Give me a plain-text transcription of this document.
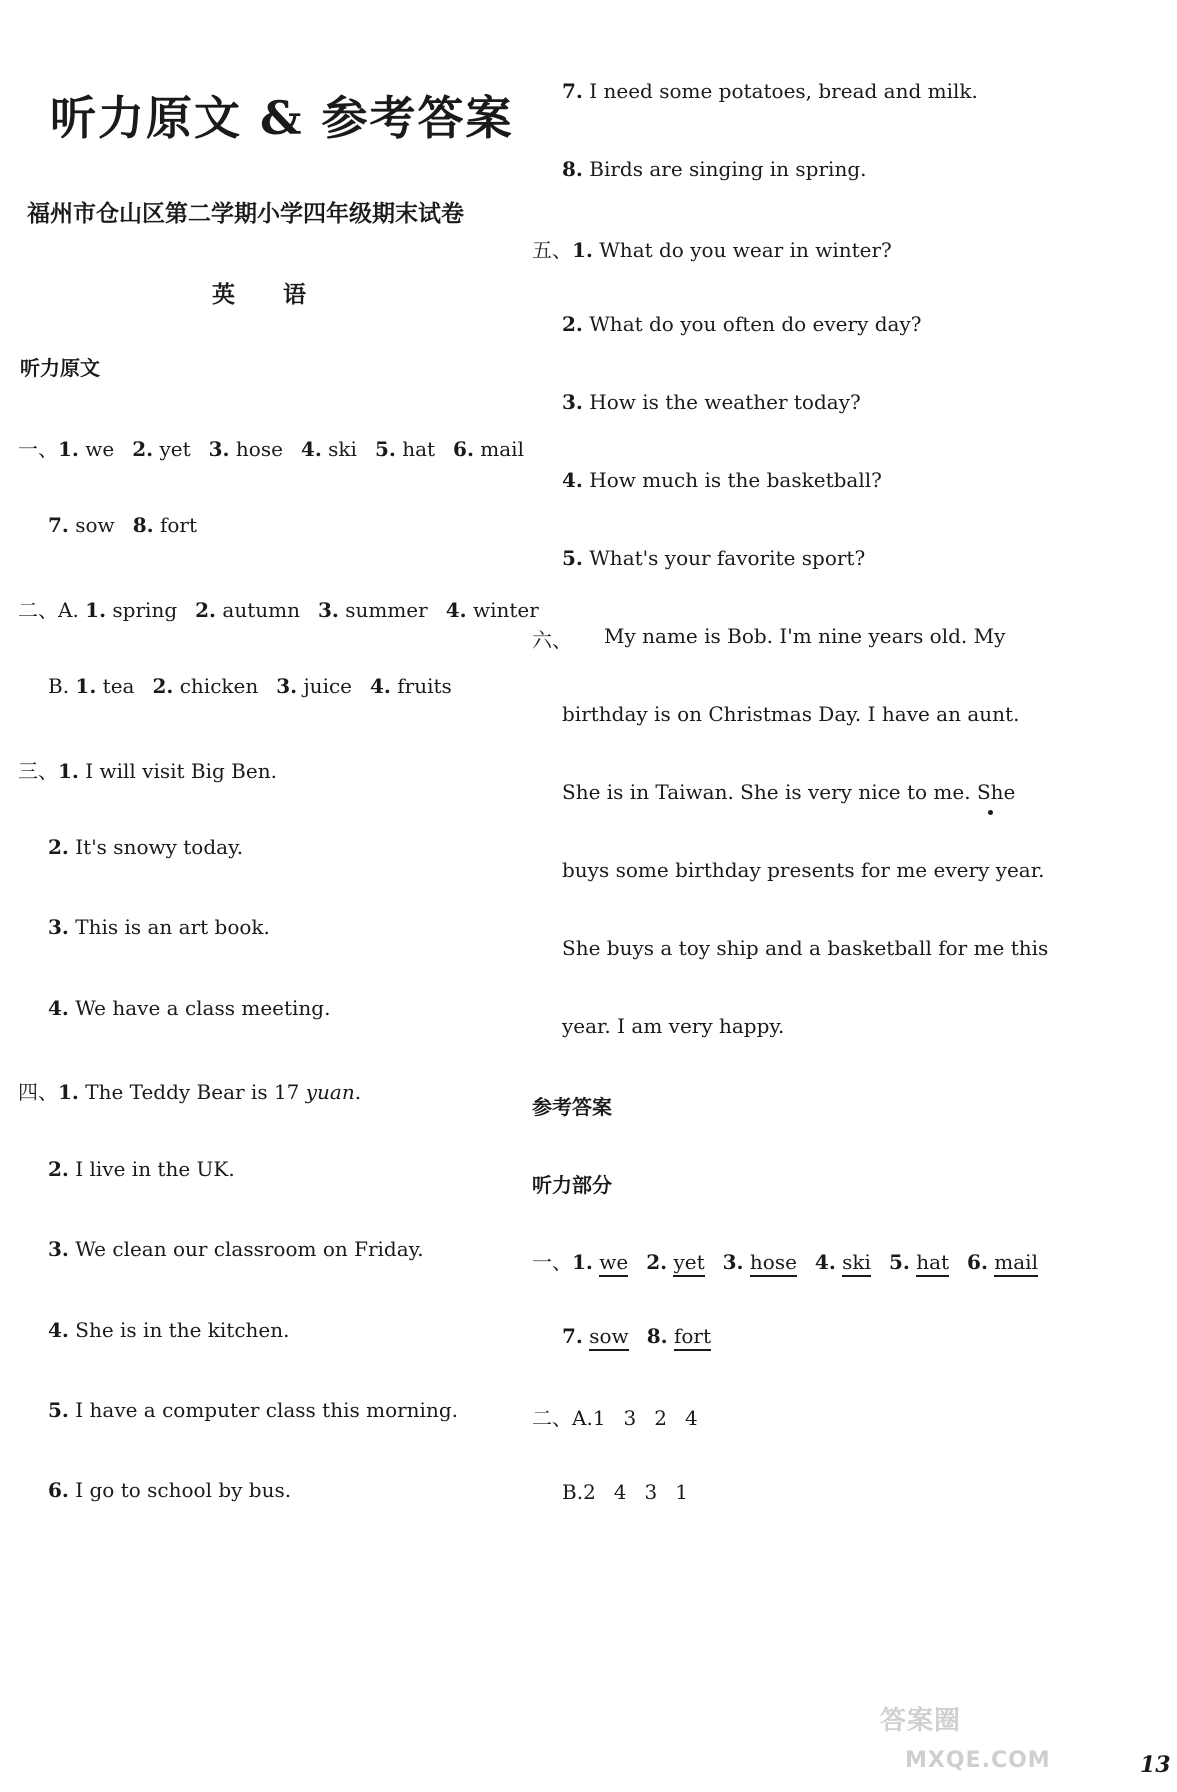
听力原文 & 参考答案
福州市仓山区第二学期小学四年级期末试卷
英 语
听力原文
一、1. we 2. yet 3. hose 4. ski 5. hat 6. mail
7. sow 8. fort
二、A. 1. spring 2. autumn 3. summer 4. winter
B. 1. tea 2. chicken 3. juice 4. fruits
三、1. I will visit Big Ben.
2. It's snowy today.
3. This is an art book.
4. We have a class meeting.
四、1. The Teddy Bear is 17 yuan.
2. I live in the UK.
3. We clean our classroom on Friday.
4. She is in the kitchen.
5. I have a computer class this morning.
6. I go to school by bus.
7. I need some potatoes, bread and milk.
8. Birds are singing in spring.
五、1. What do you wear in winter?
2. What do you often do every day?
3. How is the weather today?
4. How much is the basketball?
5. What's your favorite sport?
六、 My name is Bob. I'm nine years old. My
birthday is on Christmas Day. I have an aunt.
She is in Taiwan. She is very nice to me. She
buys some birthday presents for me every year.
She buys a toy ship and a basketball for me this
year. I am very happy.
参考答案
听力部分
一、1. we 2. yet 3. hose 4. ski 5. hat 6. mail
7. sow 8. fort
二、A.1 3 2 4
B.2 4 3 1
答案圈
MXQE.COM	13
